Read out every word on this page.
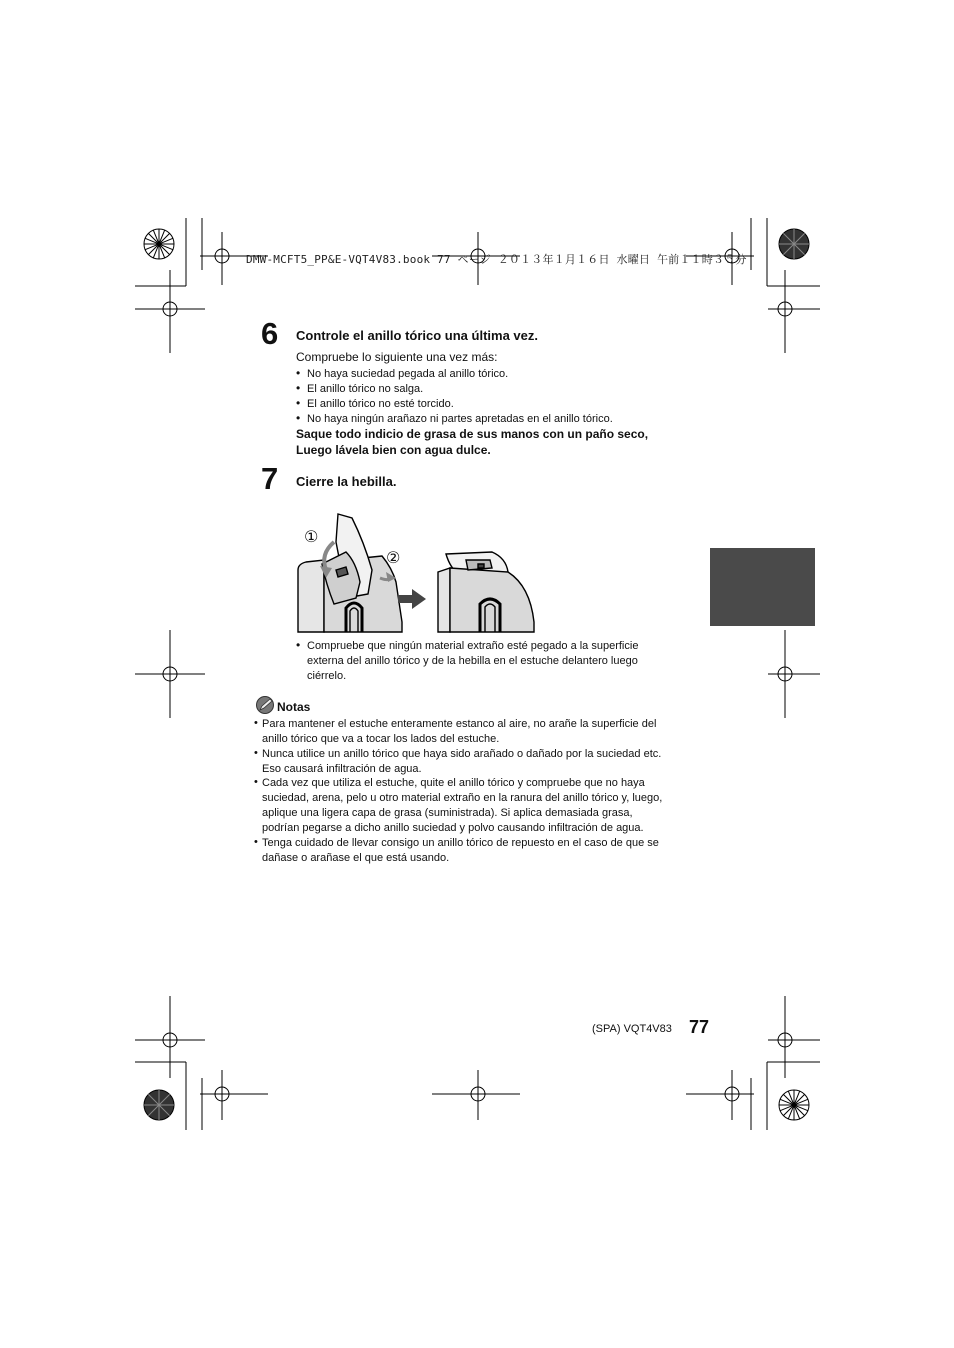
DMW-MCFT5_PP&E-VQT4V83.book 77 ページ ２０１３年１月１６日 水曜日 午前１１時３５分
6 Controle el anillo tórico una última vez.
Compruebe lo siguiente una vez más:
• No haya suciedad pegada al anillo tórico.
• El anillo tórico no salga.
• El anillo tórico no esté torcido.
• No haya ningún arañazo ni partes apretadas en el anillo tórico.
Saque todo indicio de grasa de sus manos con un paño seco,
Luego lávela bien con agua dulce.
7 Cierre la hebilla.
①
②
• Compruebe que ningún material extraño esté pegado a la superficie
externa del anillo tórico y de la hebilla en el estuche delantero luego
ciérrelo.
Notas
• Para mantener el estuche enteramente estanco al aire, no arañe la superficie del
anillo tórico que va a tocar los lados del estuche.
• Nunca utilice un anillo tórico que haya sido arañado o dañado por la suciedad etc.
Eso causará infiltración de agua.
• Cada vez que utiliza el estuche, quite el anillo tórico y compruebe que no haya
suciedad, arena, pelo u otro material extraño en la ranura del anillo tórico y, luego,
aplique una ligera capa de grasa (suministrada). Si aplica demasiada grasa,
podrían pegarse a dicho anillo suciedad y polvo causando infiltración de agua.
• Tenga cuidado de llevar consigo un anillo tórico de repuesto en el caso de que se
dañase o arañase el que está usando.
(SPA) VQT4V83 77
